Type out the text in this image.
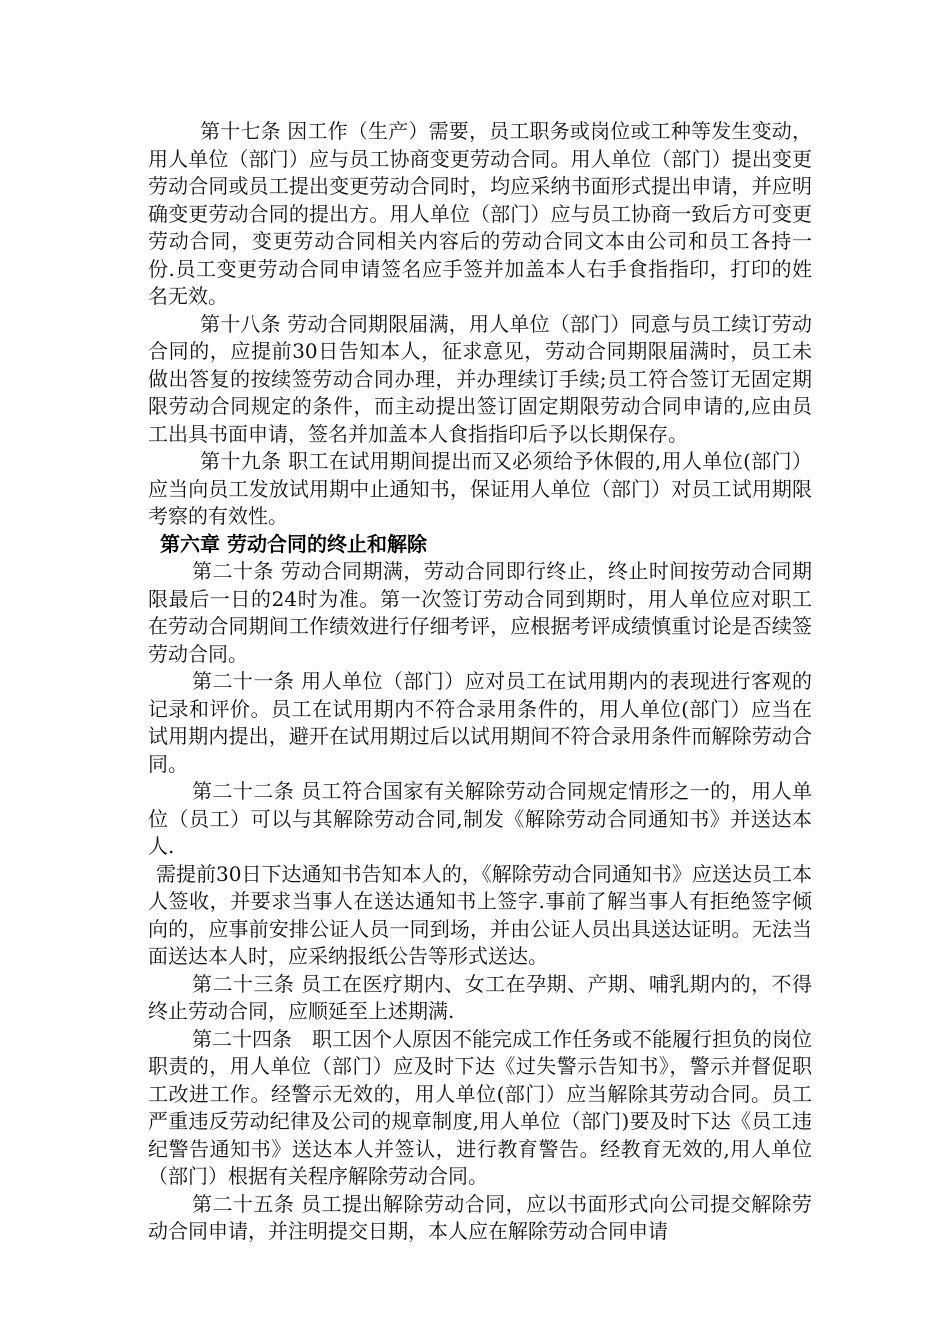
第十七条 因工作（生产）需要，员工职务或岗位或工种等发生变动，用人单位（部门）应与员工协商变更劳动合同。用人单位（部门）提出变更劳动合同或员工提出变更劳动合同时，均应采纳书面形式提出申请，并应明确变更劳动合同的提出方。用人单位（部门）应与员工协商一致后方可变更劳动合同，变更劳动合同相关内容后的劳动合同文本由公司和员工各持一份.员工变更劳动合同申请签名应手签并加盖本人右手食指指印，打印的姓名无效。

第十八条 劳动合同期限届满，用人单位（部门）同意与员工续订劳动合同的，应提前30日告知本人，征求意见，劳动合同期限届满时，员工未做出答复的按续签劳动合同办理，并办理续订手续;员工符合签订无固定期限劳动合同规定的条件，而主动提出签订固定期限劳动合同申请的,应由员工出具书面申请，签名并加盖本人食指指印后予以长期保存。

第十九条 职工在试用期间提出而又必须给予休假的,用人单位(部门）应当向员工发放试用期中止通知书，保证用人单位（部门）对员工试用期限考察的有效性。

第六章 劳动合同的终止和解除

第二十条 劳动合同期满，劳动合同即行终止，终止时间按劳动合同期限最后一日的24时为准。第一次签订劳动合同到期时，用人单位应对职工在劳动合同期间工作绩效进行仔细考评，应根据考评成绩慎重讨论是否续签劳动合同。

第二十一条 用人单位（部门）应对员工在试用期内的表现进行客观的记录和评价。员工在试用期内不符合录用条件的，用人单位(部门）应当在试用期内提出，避开在试用期过后以试用期间不符合录用条件而解除劳动合同。

第二十二条 员工符合国家有关解除劳动合同规定情形之一的，用人单位（员工）可以与其解除劳动合同,制发《解除劳动合同通知书》并送达本人.

需提前30日下达通知书告知本人的，《解除劳动合同通知书》应送达员工本人签收，并要求当事人在送达通知书上签字.事前了解当事人有拒绝签字倾向的，应事前安排公证人员一同到场，并由公证人员出具送达证明。无法当面送达本人时，应采纳报纸公告等形式送达。

第二十三条 员工在医疗期内、女工在孕期、产期、哺乳期内的，不得终止劳动合同，应顺延至上述期满.

第二十四条　职工因个人原因不能完成工作任务或不能履行担负的岗位职责的，用人单位（部门）应及时下达《过失警示告知书》，警示并督促职工改进工作。经警示无效的，用人单位(部门）应当解除其劳动合同。员工严重违反劳动纪律及公司的规章制度,用人单位（部门)要及时下达《员工违纪警告通知书》送达本人并签认，进行教育警告。经教育无效的,用人单位（部门）根据有关程序解除劳动合同。

第二十五条 员工提出解除劳动合同，应以书面形式向公司提交解除劳动合同申请，并注明提交日期，本人应在解除劳动合同申请
